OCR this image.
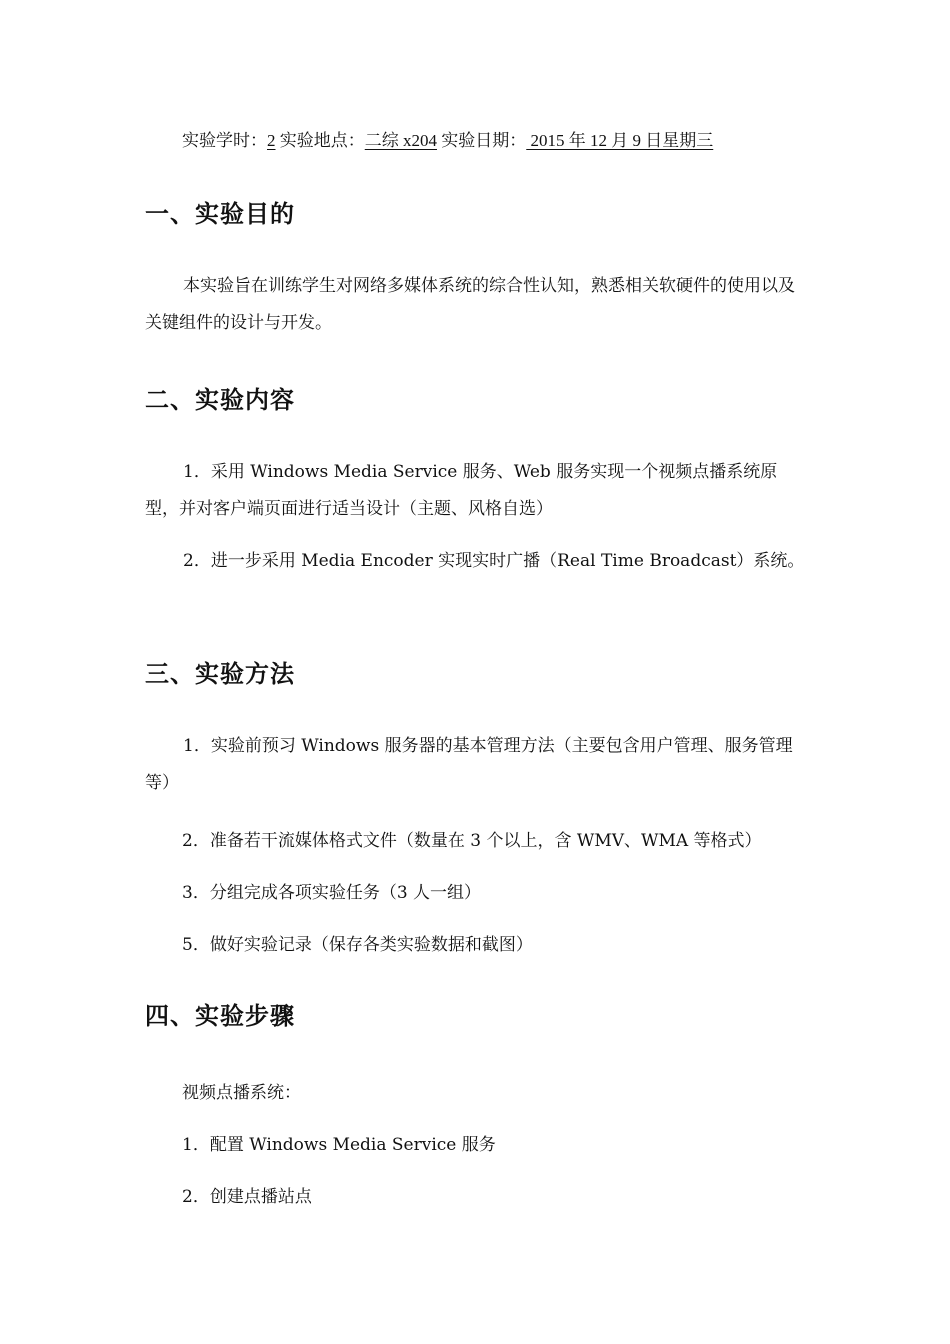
实验学时：2 实验地点：二综 x204 实验日期： 2015 年 12 月 9 日星期三
一、实验目的

本实验旨在训练学生对网络多媒体系统的综合性认知，熟悉相关软硬件的使用以及关键组件的设计与开发。

二、实验内容

1．采用 Windows Media Service 服务、Web 服务实现一个视频点播系统原型，并对客户端页面进行适当设计（主题、风格自选）

2．进一步采用 Media Encoder 实现实时广播（Real Time Broadcast）系统。

三、实验方法

1．实验前预习 Windows 服务器的基本管理方法（主要包含用户管理、服务管理等）

2．准备若干流媒体格式文件（数量在 3 个以上，含 WMV、WMA 等格式）

3．分组完成各项实验任务（3 人一组）

5．做好实验记录（保存各类实验数据和截图）

四、实验步骤

视频点播系统：

1．配置 Windows Media Service 服务

2．创建点播站点
